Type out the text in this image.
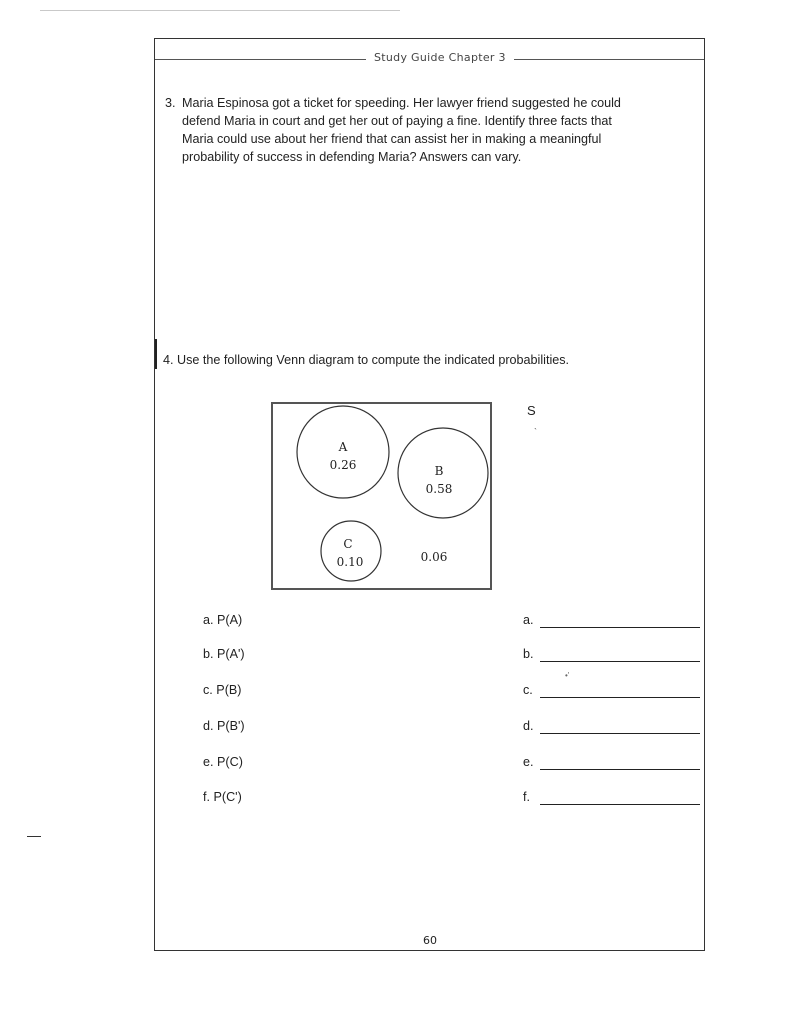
Study Guide Chapter 3
3. Maria Espinosa got a ticket for speeding. Her lawyer friend suggested he could
defend Maria in court and get her out of paying a fine. Identify three facts that
Maria could use about her friend that can assist her in making a meaningful
probability of success in defending Maria? Answers can vary.
4. Use the following Venn diagram to compute the indicated probabilities.
A
0.26	B
0.58
C
0.10	0.06
S
`
a. P(A)	a.
b. P(A')	b.
c. P(B)	c.
d. P(B')	d.
e. P(C)	e.
f. P(C')	f.
•'
60
